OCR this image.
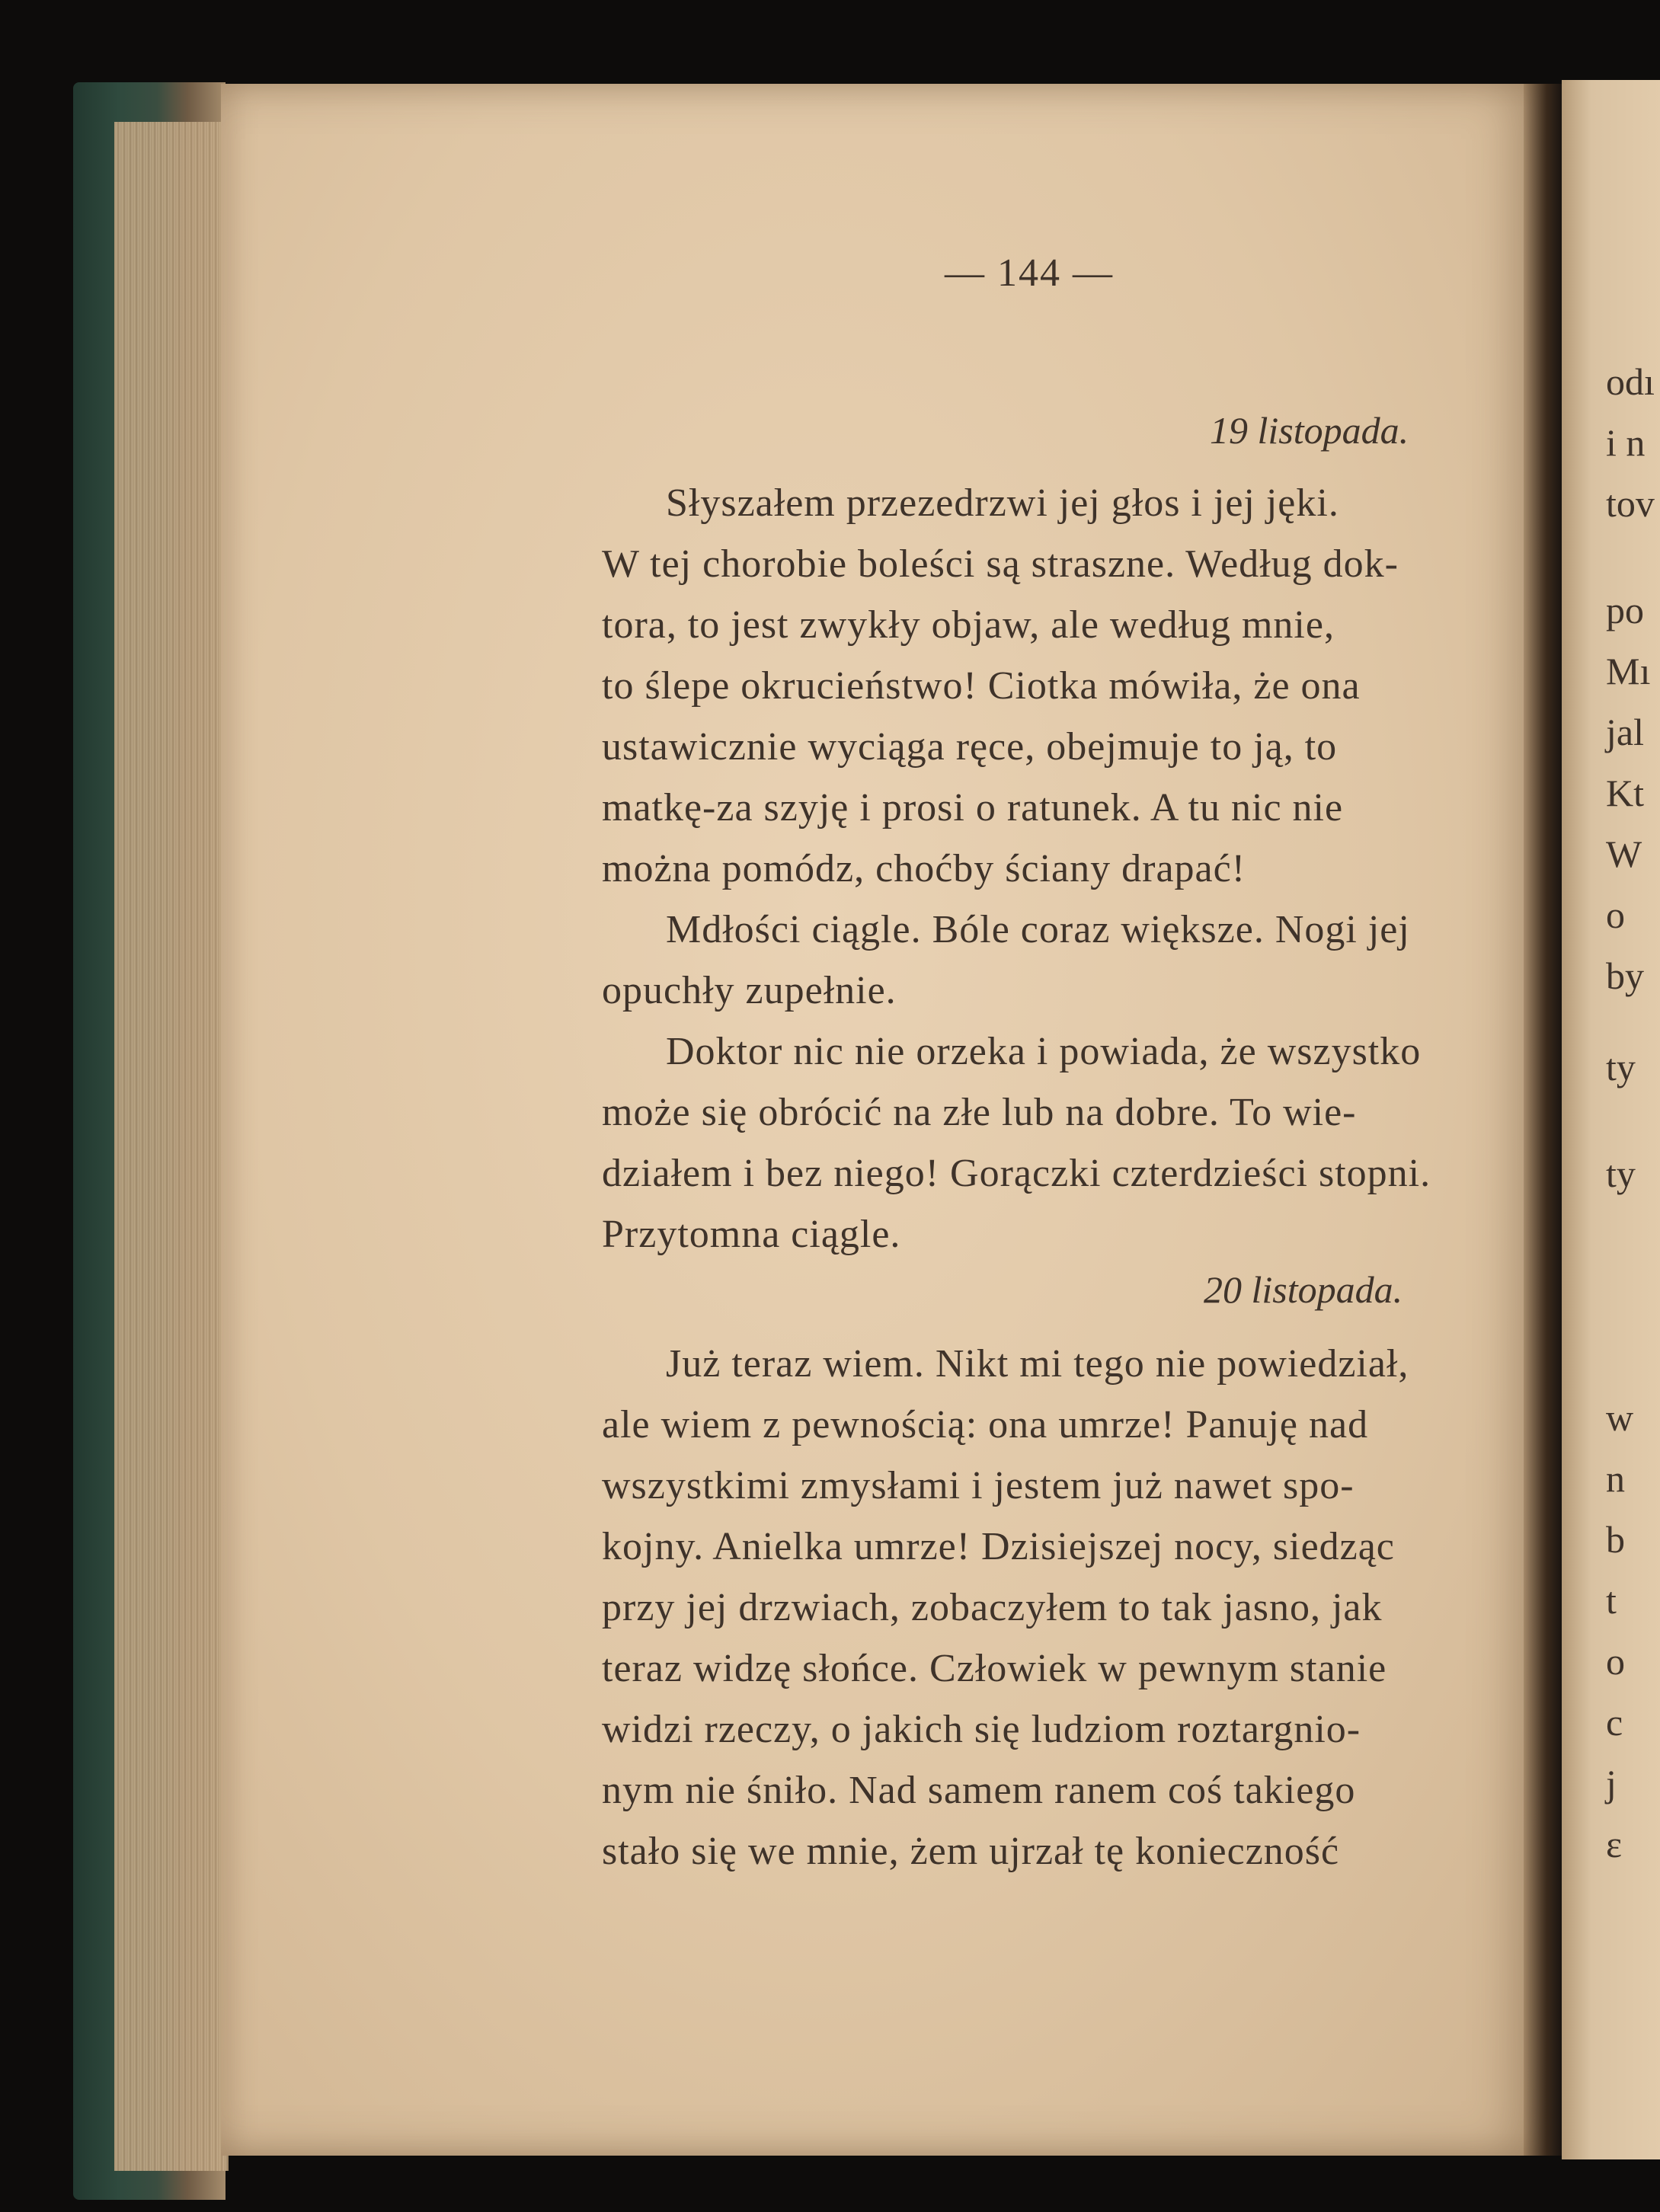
— 144 —
19 listopada.
Słyszałem przezedrzwi jej głos i jej jęki.
W tej chorobie boleści są straszne. Według dok-
tora, to jest zwykły objaw, ale według mnie,
to ślepe okrucieństwo! Ciotka mówiła, że ona
ustawicznie wyciąga ręce, obejmuje to ją, to
matkę-za szyję i prosi o ratunek. A tu nic nie
można pomódz, choćby ściany drapać!
Mdłości ciągle. Bóle coraz większe. Nogi jej
opuchły zupełnie.
Doktor nic nie orzeka i powiada, że wszystko
może się obrócić na złe lub na dobre. To wie-
działem i bez niego! Gorączki czterdzieści stopni.
Przytomna ciągle.
20 listopada.
Już teraz wiem. Nikt mi tego nie powiedział,
ale wiem z pewnością: ona umrze! Panuję nad
wszystkimi zmysłami i jestem już nawet spo-
kojny. Anielka umrze! Dzisiejszej nocy, siedząc
przy jej drzwiach, zobaczyłem to tak jasno, jak
teraz widzę słońce. Człowiek w pewnym stanie
widzi rzeczy, o jakich się ludziom roztargnio-
nym nie śniło. Nad samem ranem coś takiego
stało się we mnie, żem ujrzał tę konieczność
odı
i n
tov
po
Mı
jal
Kt
W
o
by
ty
ty
w
n
b
t
o
c
j
ε
